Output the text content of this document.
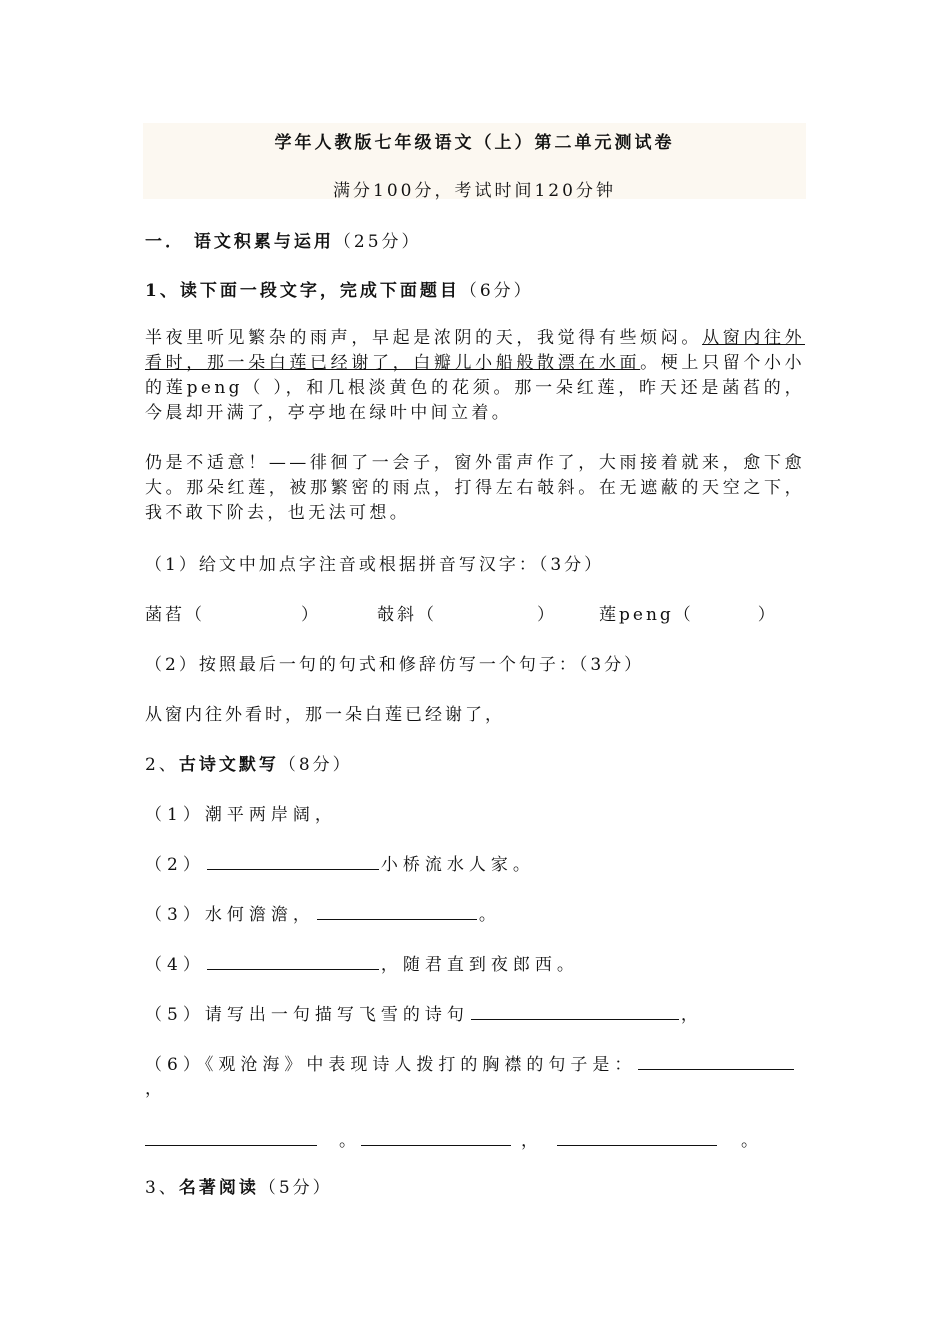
学年人教版七年级语文（上）第二单元测试卷
满分100分，考试时间120分钟
一． 语文积累与运用（25分）
1、读下面一段文字，完成下面题目（6分）
半夜里听见繁杂的雨声，早起是浓阴的天，我觉得有些烦闷。从窗内往外看时，那一朵白莲已经谢了，白瓣儿小船般散漂在水面。梗上只留个小小的莲peng（ ），和几根淡黄色的花须。那一朵红莲，昨天还是菡萏的，今晨却开满了，亭亭地在绿叶中间立着。
仍是不适意！——徘徊了一会子，窗外雷声作了，大雨接着就来，愈下愈大。那朵红莲，被那繁密的雨点，打得左右攲斜。在无遮蔽的天空之下，我不敢下阶去，也无法可想。
（1）给文中加点字注音或根据拼音写汉字：（3分）
菡萏（	）	攲斜（	） 莲peng（	）
（2）按照最后一句的句式和修辞仿写一个句子：（3分）
从窗内往外看时，那一朵白莲已经谢了，
2、古诗文默写（8分）
（1）潮平两岸阔，
（2）	小桥流水人家。
（3）水何澹澹，	。
（4）	，随君直到夜郎西。
（5）请写出一句描写飞雪的诗句	，
（6）《观沧海》中表现诗人拨打的胸襟的句子是：
，
。	，	。
3、名著阅读（5分）
